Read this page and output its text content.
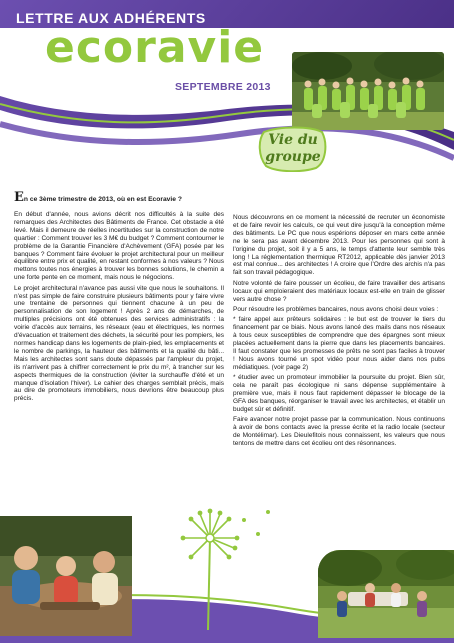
LETTRE AUX ADHÉRENTS
ecoravie
SEPTEMBRE 2013
Vie du
groupe
En ce 3ème trimestre de 2013, où en est Ecoravie ?

En début d'année, nous avions décrit nos difficultés à la suite des remarques des Architectes des Bâtiments de France. Cet obstacle a été levé. Mais il demeure de réelles incertitudes sur la construction de notre quartier : Comment trouver les 3 M€ du budget ? Comment contourner le problème de la Garantie Financière d'Achèvement (GFA) posée par les banques ? Comment faire évoluer le projet architectural pour un meilleur équilibre entre prix et qualité, en restant conformes à nos valeurs ? Nous mettons toutes nos énergies à trouver les bonnes solutions, le chemin a une forte pente en ce moment, mais nous le négocions.

Le projet architectural n'avance pas aussi vite que nous le souhaitons. Il n'est pas simple de faire construire plusieurs bâtiments pour y faire vivre une trentaine de personnes qui tiennent chacune à un peu de personnalisation de son logement ! Après 2 ans de démarches, de multiples précisions ont été obtenues des services administratifs : la voirie d'accès aux terrains, les réseaux (eau et électriques, les normes d'évacuation et traitement des déchets, la sécurité pour les pompiers, les normes handicap dans les logements de plain-pied, les emplacements et le nombre de parkings, la hauteur des bâtiments et la qualité du bâti... Mais les architectes sont sans doute dépassés par l'ampleur du projet, ils n'arrivent pas à chiffrer correctement le prix du m², à trancher sur les aspects thermiques de la construction (éviter la surchauffe d'été et un manque d'isolation l'hiver). Le cahier des charges semblait précis, mais au dire de promoteurs immobiliers, nous devrions être beaucoup plus précis.

Nous découvrons en ce moment la nécessité de recruter un économiste et de faire revoir les calculs, ce qui veut dire jusqu'à la conception même des bâtiments. Le PC que nous espérions déposer en mars cette année ne le sera pas avant décembre 2013. Pour les personnes qui sont à l'origine du projet, soit il y a 5 ans, le temps d'attente leur semble très long ! La réglementation thermique RT2012, applicable dès janvier 2013 est mal connue... des architectes ! A croire que l'Ordre des archis n'a pas fait son travail pédagogique.

Notre volonté de faire pousser un écolieu, de faire travailler des artisans locaux qui emploieraient des matériaux locaux est-elle en train de glisser vers autre chose ?

Pour résoudre les problèmes bancaires, nous avons choisi deux voies :

* faire appel aux prêteurs solidaires : le but est de trouver le tiers du financement par ce biais. Nous avons lancé des mails dans nos réseaux à tous ceux susceptibles de comprendre que des épargnes sont mieux placées actuellement dans la pierre que dans les placements bancaires. Il faut constater que les promesses de prêts ne sont pas faciles à trouver ! Nous avons tourné un spot vidéo pour nous aider dans nos pubs médiatiques. (voir page 2)

* étudier avec un promoteur immobilier la poursuite du projet. Bien sûr, cela ne paraît pas écologique ni sans dépense supplémentaire à première vue, mais il nous faut rapidement dépasser le blocage de la GFA des banques, réorganiser le travail avec les architectes, et établir un budget sûr et définitif.

Faire avancer notre projet passe par la communication. Nous continuons à avoir de bons contacts avec la presse écrite et la radio locale (secteur de Montélimar). Les Dieulefitois nous connaissent, les valeurs que nous tentons de mettre dans cet écolieu ont des résonnances.
